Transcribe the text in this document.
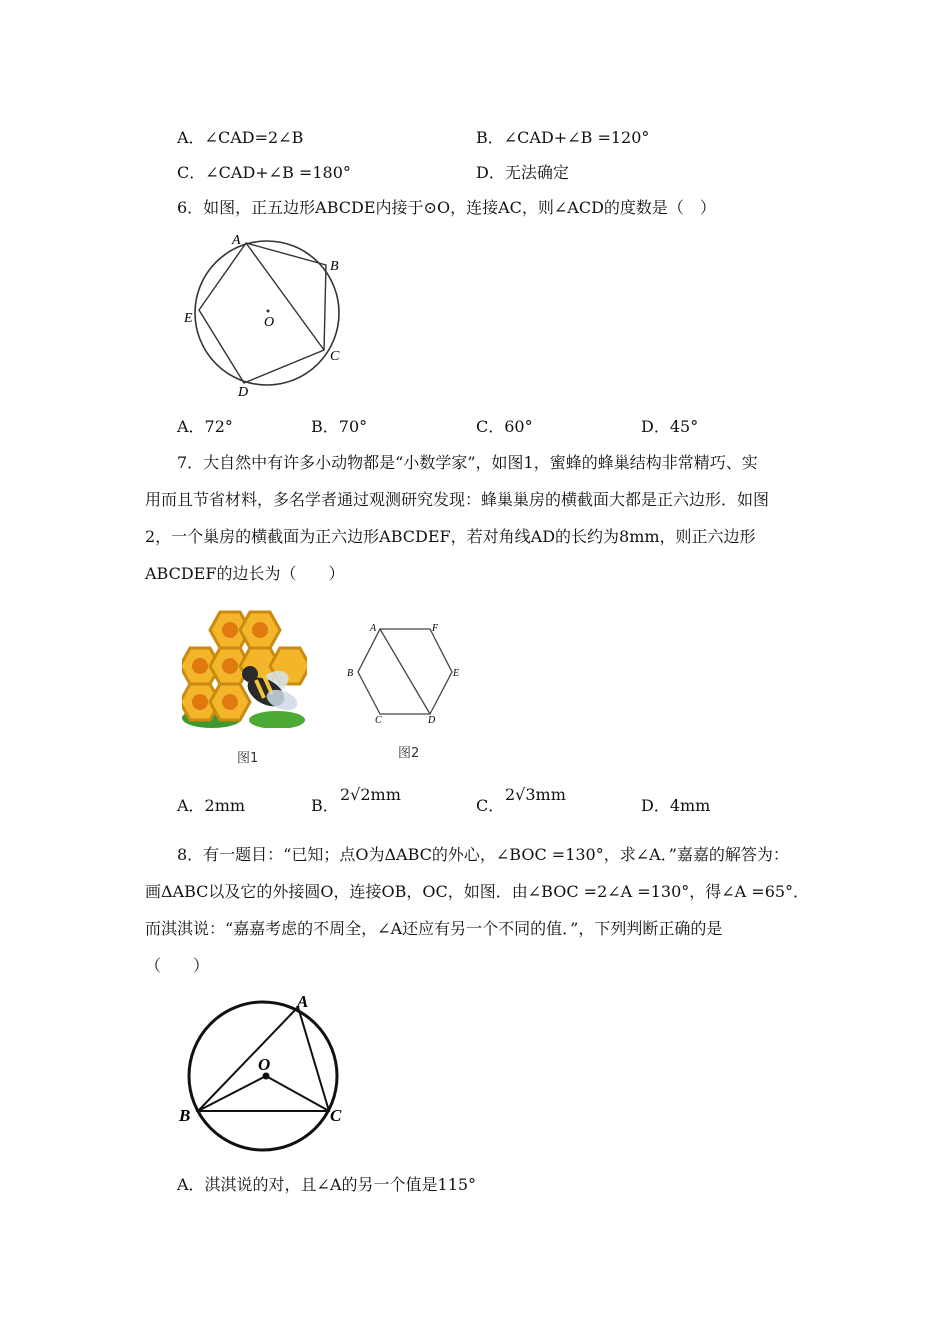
A．∠CAD=2∠B	B．∠CAD+∠B =120°
C．∠CAD+∠B =180°	D．无法确定
6．如图，正五边形ABCDE内接于⊙O，连接AC，则∠ACD的度数是（　）
A
B
C
D
E	O
A．72°	B．70°	C．60°	D．45°
7．大自然中有许多小动物都是“小数学家”，如图1，蜜蜂的蜂巢结构非常精巧、实
用而且节省材料，多名学者通过观测研究发现：蜂巢巢房的横截面大都是正六边形．如图
2，一个巢房的横截面为正六边形ABCDEF，若对角线AD的长约为8mm，则正六边形
ABCDEF的边长为（　　）
图1
A	F
B	E
C	D
图2
A．2mm	B．
2√2mm
C．
2√3mm
D．4mm
8．有一题目：“已知；点O为ΔABC的外心，∠BOC =130°，求∠A．”嘉嘉的解答为：
画ΔABC以及它的外接圆O，连接OB，OC，如图．由∠BOC =2∠A =130°，得∠A =65°．
而淇淇说：“嘉嘉考虑的不周全，∠A还应有另一个不同的值．”，下列判断正确的是
（　　）
A
B	C
O
A．淇淇说的对，且∠A的另一个值是115°
